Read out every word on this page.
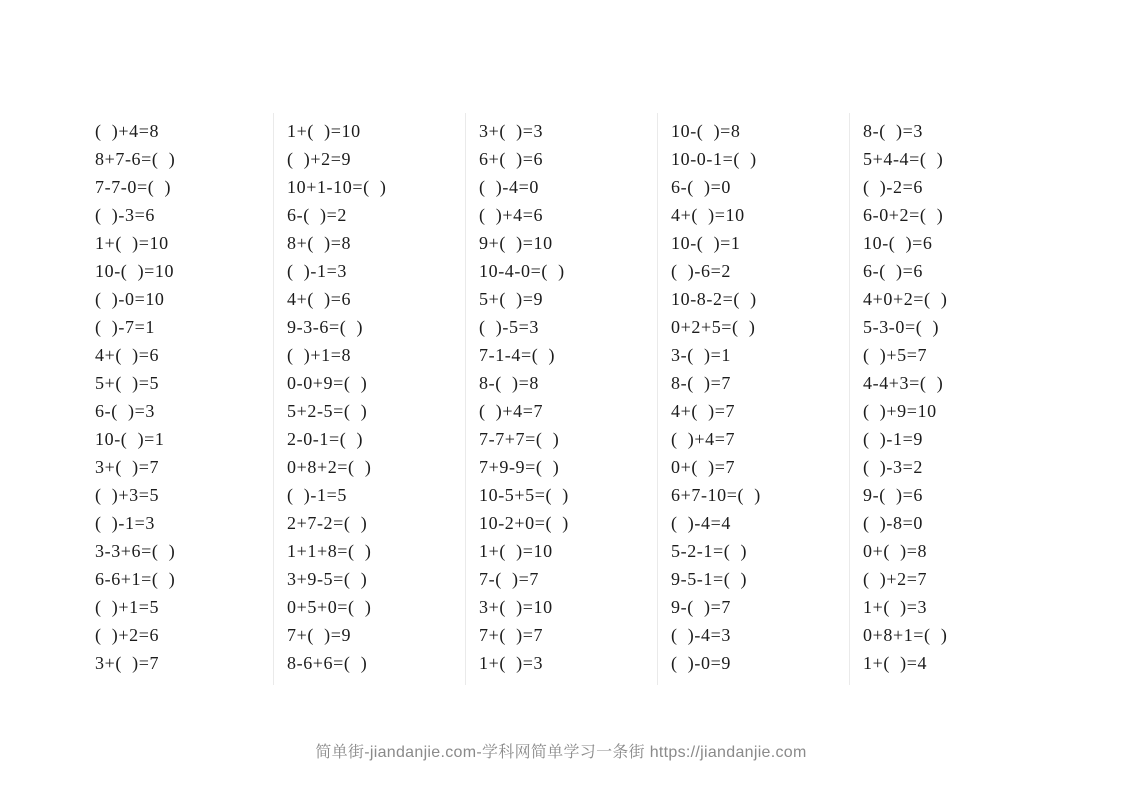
(  )+4=8
8+7-6=(  )
7-7-0=(  )
(  )-3=6
1+(  )=10
10-(  )=10
(  )-0=10
(  )-7=1
4+(  )=6
5+(  )=5
6-(  )=3
10-(  )=1
3+(  )=7
(  )+3=5
(  )-1=3
3-3+6=(  )
6-6+1=(  )
(  )+1=5
(  )+2=6
3+(  )=7
1+(  )=10
(  )+2=9
10+1-10=(  )
6-(  )=2
8+(  )=8
(  )-1=3
4+(  )=6
9-3-6=(  )
(  )+1=8
0-0+9=(  )
5+2-5=(  )
2-0-1=(  )
0+8+2=(  )
(  )-1=5
2+7-2=(  )
1+1+8=(  )
3+9-5=(  )
0+5+0=(  )
7+(  )=9
8-6+6=(  )
3+(  )=3
6+(  )=6
(  )-4=0
(  )+4=6
9+(  )=10
10-4-0=(  )
5+(  )=9
(  )-5=3
7-1-4=(  )
8-(  )=8
(  )+4=7
7-7+7=(  )
7+9-9=(  )
10-5+5=(  )
10-2+0=(  )
1+(  )=10
7-(  )=7
3+(  )=10
7+(  )=7
1+(  )=3
10-(  )=8
10-0-1=(  )
6-(  )=0
4+(  )=10
10-(  )=1
(  )-6=2
10-8-2=(  )
0+2+5=(  )
3-(  )=1
8-(  )=7
4+(  )=7
(  )+4=7
0+(  )=7
6+7-10=(  )
(  )-4=4
5-2-1=(  )
9-5-1=(  )
9-(  )=7
(  )-4=3
(  )-0=9
8-(  )=3
5+4-4=(  )
(  )-2=6
6-0+2=(  )
10-(  )=6
6-(  )=6
4+0+2=(  )
5-3-0=(  )
(  )+5=7
4-4+3=(  )
(  )+9=10
(  )-1=9
(  )-3=2
9-(  )=6
(  )-8=0
0+(  )=8
(  )+2=7
1+(  )=3
0+8+1=(  )
1+(  )=4
简单街-jiandanjie.com-学科网简单学习一条街 https://jiandanjie.com
